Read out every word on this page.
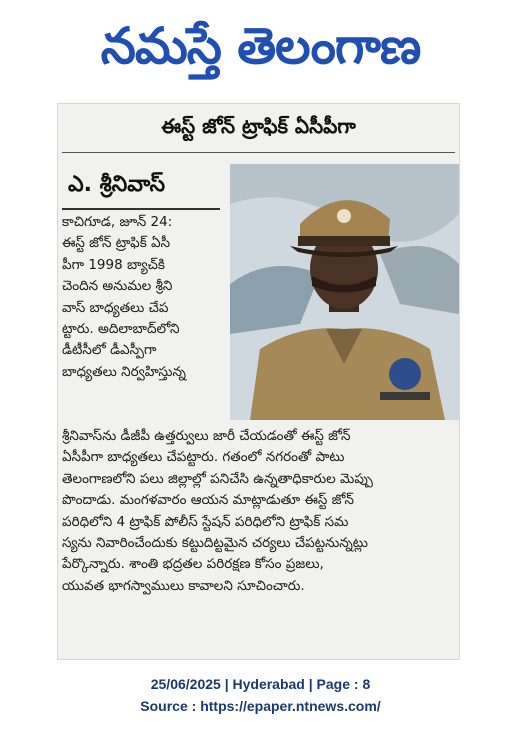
నమస్తే తెలంగాణ
ఈస్ట్ జోన్ ట్రాఫిక్ ఏసీపీగా
ఎ. శ్రీనివాస్
కాచిగూడ, జూన్ 24:
ఈస్ట్ జోన్ ట్రాఫిక్ ఏసీ
పీగా 1998 బ్యాచ్‌కి
చెందిన అనుమల శ్రీని
వాస్ బాధ్యతలు చేప
ట్టారు. అదిలాబాద్‌లోని
డీటీసీలో డీఎస్పీగా
బాధ్యతలు నిర్వహిస్తున్న
శ్రీనివాస్‌ను డీజీపీ ఉత్తర్వులు జారీ చేయడంతో ఈస్ట్ జోన్
ఏసీపీగా బాధ్యతలు చేపట్టారు. గతంలో నగరంతో పాటు
తెలంగాణలోని పలు జిల్లాల్లో పనిచేసి ఉన్నతాధికారుల మెప్పు
పొందాడు. మంగళవారం ఆయన మాట్లాడుతూ ఈస్ట్ జోన్
పరిధిలోని 4 ట్రాఫిక్ పోలీస్ స్టేషన్ పరిధిలోని ట్రాఫిక్ సమ
స్యను నివారించేందుకు కట్టుదిట్టమైన చర్యలు చేపట్టనున్నట్లు
పేర్కొన్నారు. శాంతి భద్రతల పరిరక్షణ కోసం ప్రజలు,
యువత భాగస్వాములు కావాలని సూచించారు.
25/06/2025 | Hyderabad | Page : 8
Source : https://epaper.ntnews.com/
